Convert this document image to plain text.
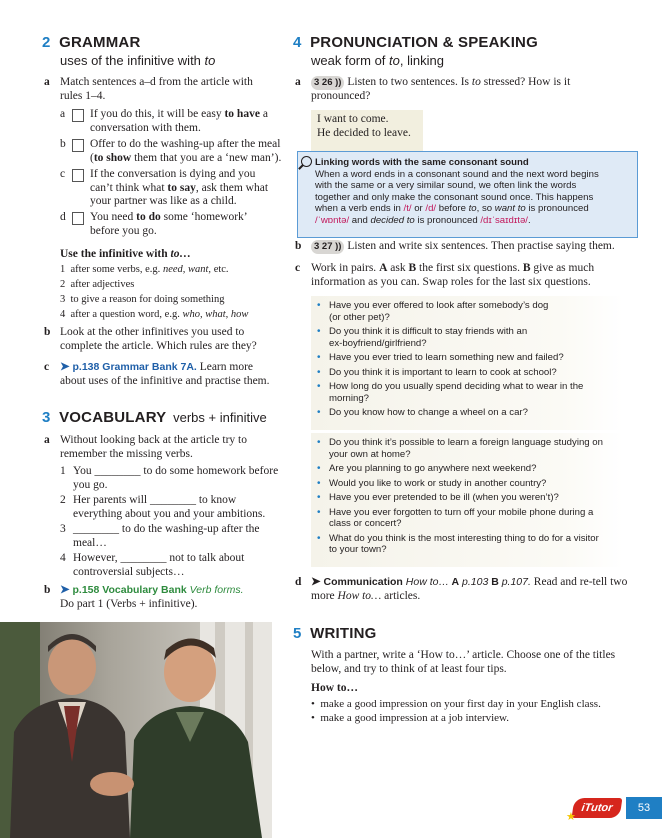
2 GRAMMAR
uses of the infinitive with to
a Match sentences a–d from the article with
rules 1–4.
a If you do this, it will be easy to have a
conversation with them.
b Offer to do the washing-up after the meal
(to show them that you are a ‘new man’).
c If the conversation is dying and you
can’t think what to say, ask them what
your partner was like as a child.
d You need to do some ‘homework’
before you go.
Use the infinitive with to…
1 after some verbs, e.g. need, want, etc.
2 after adjectives
3 to give a reason for doing something
4 after a question word, e.g. who, what, how
b Look at the other infinitives you used to
complete the article. Which rules are they?
c ➤ p.138 Grammar Bank 7A. Learn more
about uses of the infinitive and practise them.
3 VOCABULARY verbs + infinitive
a Without looking back at the article try to
remember the missing verbs.
1 You ________ to do some homework before
you go.
2 Her parents will ________ to know
everything about you and your ambitions.
3 ________ to do the washing-up after the
meal…
4 However, ________ not to talk about
controversial subjects…
b ➤ p.158 Vocabulary Bank Verb forms.
Do part 1 (Verbs + infinitive).
4 PRONUNCIATION & SPEAKING
weak form of to, linking
a	3 26 )) Listen to two sentences. Is to stressed? How is it
pronounced?
I want to come.
He decided to leave.
Linking words with the same consonant sound
When a word ends in a consonant sound and the next word begins
with the same or a very similar sound, we often link the words
together and only make the consonant sound once. This happens
when a verb ends in /t/ or /d/ before to, so want to is pronounced
/ˈwɒntə/ and decided to is pronounced /dɪˈsaɪdɪtə/.
b	3 27 )) Listen and write six sentences. Then practise saying them.
c Work in pairs. A ask B the first six questions. B give as much
information as you can. Swap roles for the last six questions.
• Have you ever offered to look after somebody’s dog
(or other pet)?
• Do you think it is difficult to stay friends with an
ex-boyfriend/girlfriend?
• Have you ever tried to learn something new and failed?
• Do you think it is important to learn to cook at school?
• How long do you usually spend deciding what to wear in the
morning?
• Do you know how to change a wheel on a car?
• Do you think it’s possible to learn a foreign language studying on
your own at home?
• Are you planning to go anywhere next weekend?
• Would you like to work or study in another country?
• Have you ever pretended to be ill (when you weren’t)?
• Have you ever forgotten to turn off your mobile phone during a
class or concert?
• What do you think is the most interesting thing to do for a visitor
to your town?
d ➤ Communication How to… A p.103 B p.107. Read and re-tell two
more How to… articles.
5 WRITING
With a partner, write a ‘How to…’ article. Choose one of the titles
below, and try to think of at least four tips.
How to…
•  make a good impression on your first day in your English class.
•  make a good impression at a job interview.
iTutor
★
53
